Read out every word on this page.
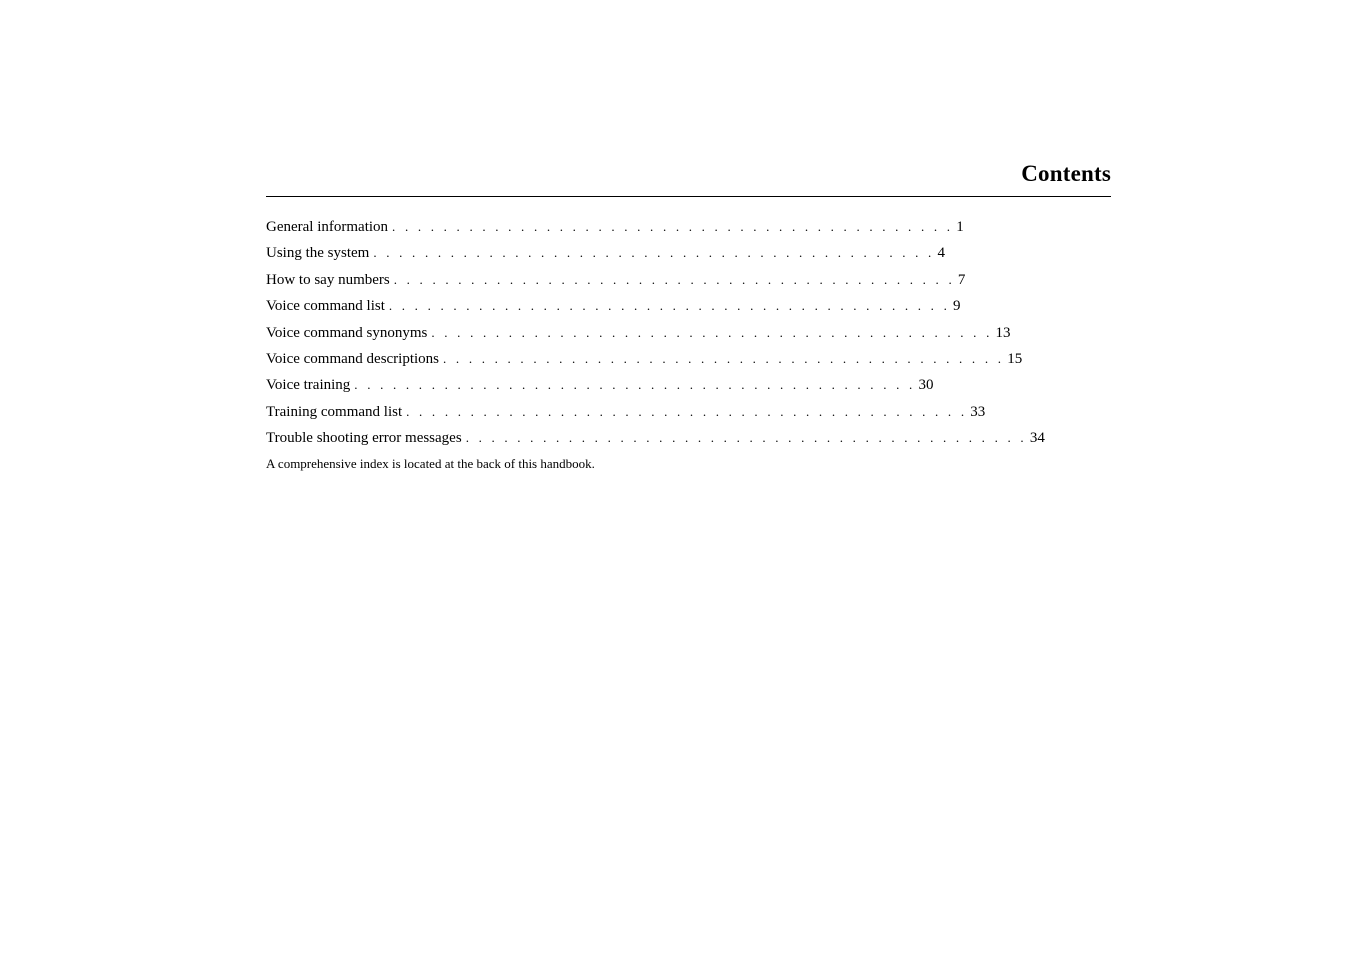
Contents
General information . . . . . . . . . . . . . . . . . . . . . . . . . . . . . . . . . . . . . . . . . . . . 1
Using the system . . . . . . . . . . . . . . . . . . . . . . . . . . . . . . . . . . . . . . . . . . . . 4
How to say numbers . . . . . . . . . . . . . . . . . . . . . . . . . . . . . . . . . . . . . . . . . . . . 7
Voice command list . . . . . . . . . . . . . . . . . . . . . . . . . . . . . . . . . . . . . . . . . . . . 9
Voice command synonyms . . . . . . . . . . . . . . . . . . . . . . . . . . . . . . . . . . . . . . . . . . . . 13
Voice command descriptions . . . . . . . . . . . . . . . . . . . . . . . . . . . . . . . . . . . . . . . . . . . . 15
Voice training . . . . . . . . . . . . . . . . . . . . . . . . . . . . . . . . . . . . . . . . . . . . 30
Training command list . . . . . . . . . . . . . . . . . . . . . . . . . . . . . . . . . . . . . . . . . . . . 33
Trouble shooting error messages . . . . . . . . . . . . . . . . . . . . . . . . . . . . . . . . . . . . . . . . . . . . 34
A comprehensive index is located at the back of this handbook.
